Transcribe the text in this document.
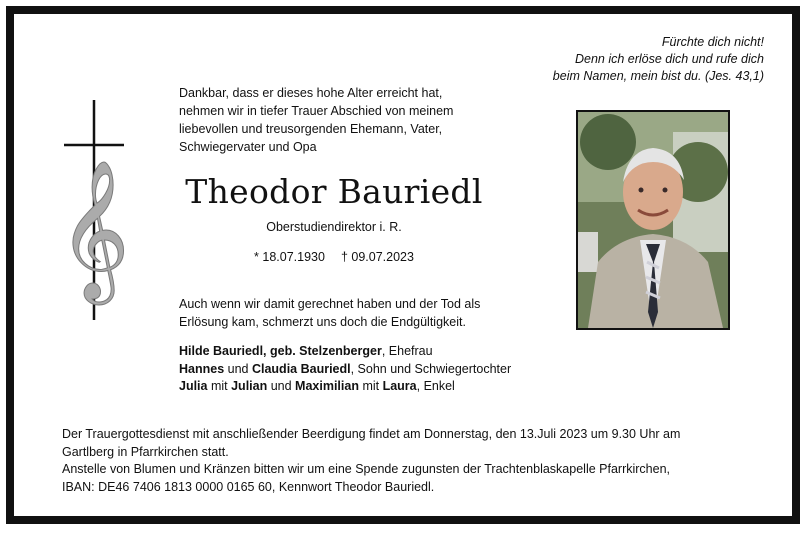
Fürchte dich nicht!
Denn ich erlöse dich und rufe dich
beim Namen, mein bist du. (Jes. 43,1)
𝄞
Dankbar, dass er dieses hohe Alter erreicht hat,
nehmen wir in tiefer Trauer Abschied von meinem
liebevollen und treusorgenden Ehemann, Vater,
Schwiegervater und Opa
Theodor Bauriedl
Oberstudiendirektor i. R.
* 18.07.1930 † 09.07.2023
Auch wenn wir damit gerechnet haben und der Tod als
Erlösung kam, schmerzt uns doch die Endgültigkeit.
Hilde Bauriedl, geb. Stelzenberger, Ehefrau
Hannes und Claudia Bauriedl, Sohn und Schwiegertochter
Julia mit Julian und Maximilian mit Laura, Enkel
Der Trauergottesdienst mit anschließender Beerdigung findet am Donnerstag, den 13.Juli 2023 um 9.30 Uhr am
Gartlberg in Pfarrkirchen statt.
Anstelle von Blumen und Kränzen bitten wir um eine Spende zugunsten der Trachtenblaskapelle Pfarrkirchen,
IBAN: DE46 7406 1813 0000 0165 60, Kennwort Theodor Bauriedl.
